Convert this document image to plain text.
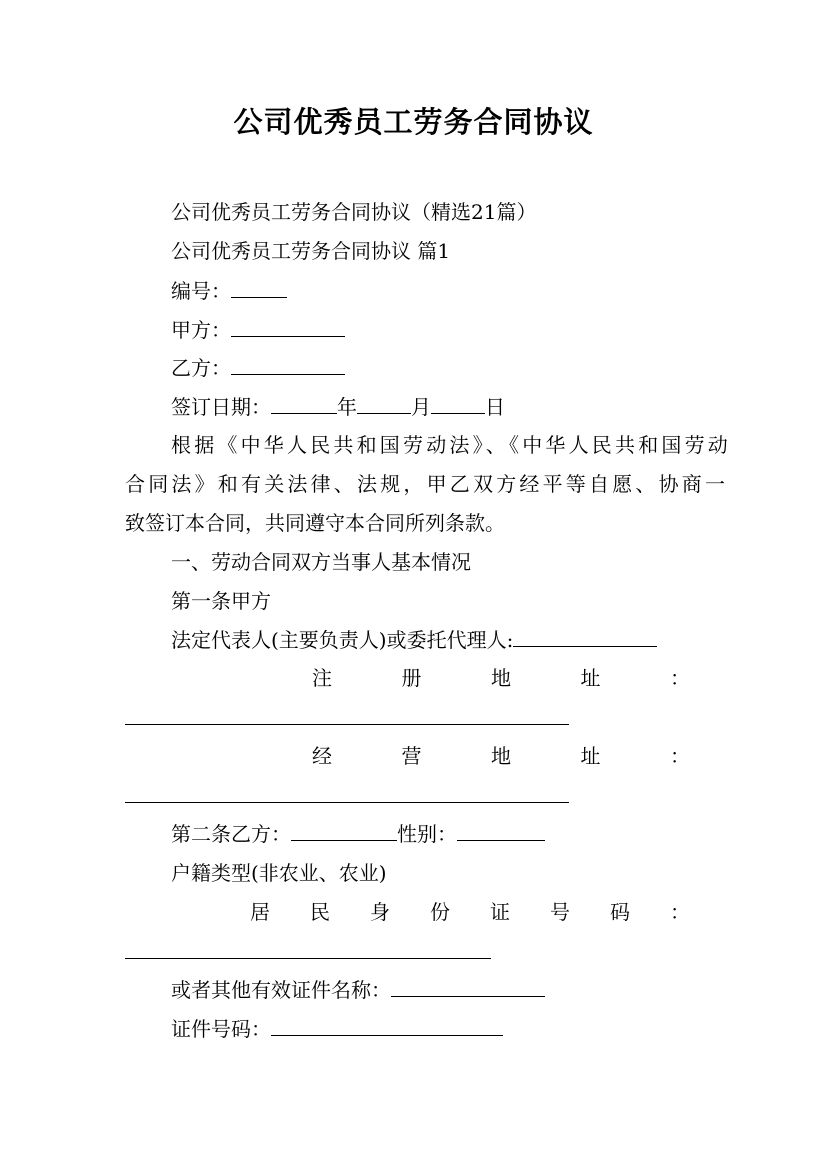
公司优秀员工劳务合同协议
公司优秀员工劳务合同协议（精选21篇）
公司优秀员工劳务合同协议 篇1
编号：
甲方：
乙方：
签订日期：	年	月	日
根据《中华人民共和国劳动法》、《中华人民共和国劳动
合同法》和有关法律、法规，甲乙双方经平等自愿、协商一
致签订本合同，共同遵守本合同所列条款。
一、劳动合同双方当事人基本情况
第一条甲方
法定代表人(主要负责人)或委托代理人:
注	册	地	址	：
经	营	地	址	：
第二条乙方：	性别：
户籍类型(非农业、农业)
居 民 身 份 证 号 码 ：
或者其他有效证件名称：
证件号码：
